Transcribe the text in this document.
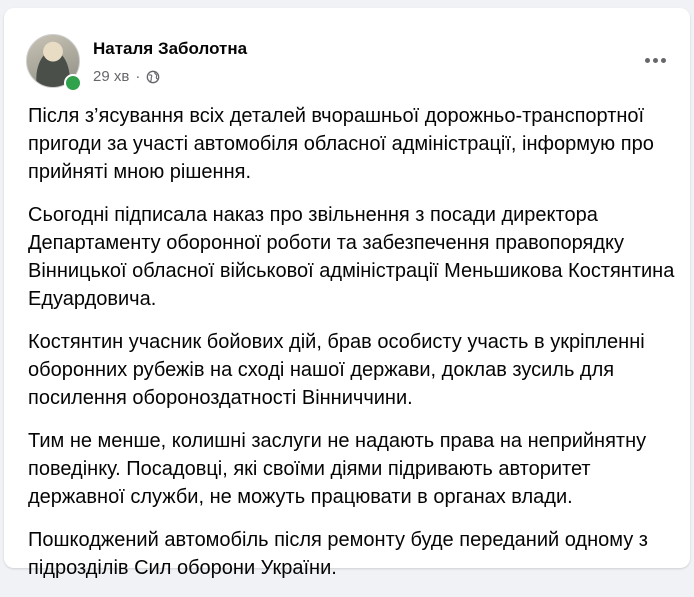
Наталя Заболотна
29 хв ·

Після з’ясування всіх деталей вчорашньої дорожньо-транспортної пригоди за участі автомобіля обласної адміністрації, інформую про прийняті мною рішення.

Сьогодні підписала наказ про звільнення з посади директора Департаменту оборонної роботи та забезпечення правопорядку Вінницької обласної військової адміністрації Меньшикова Костянтина Едуардовича.

Костянтин учасник бойових дій, брав особисту участь в укріпленні оборонних рубежів на сході нашої держави, доклав зусиль для посилення обороноздатності Вінниччини.

Тим не менше, колишні заслуги не надають права на неприйнятну поведінку. Посадовці, які своїми діями підривають авторитет державної служби, не можуть працювати в органах влади.

Пошкоджений автомобіль після ремонту буде переданий одному з підрозділів Сил оборони України.
